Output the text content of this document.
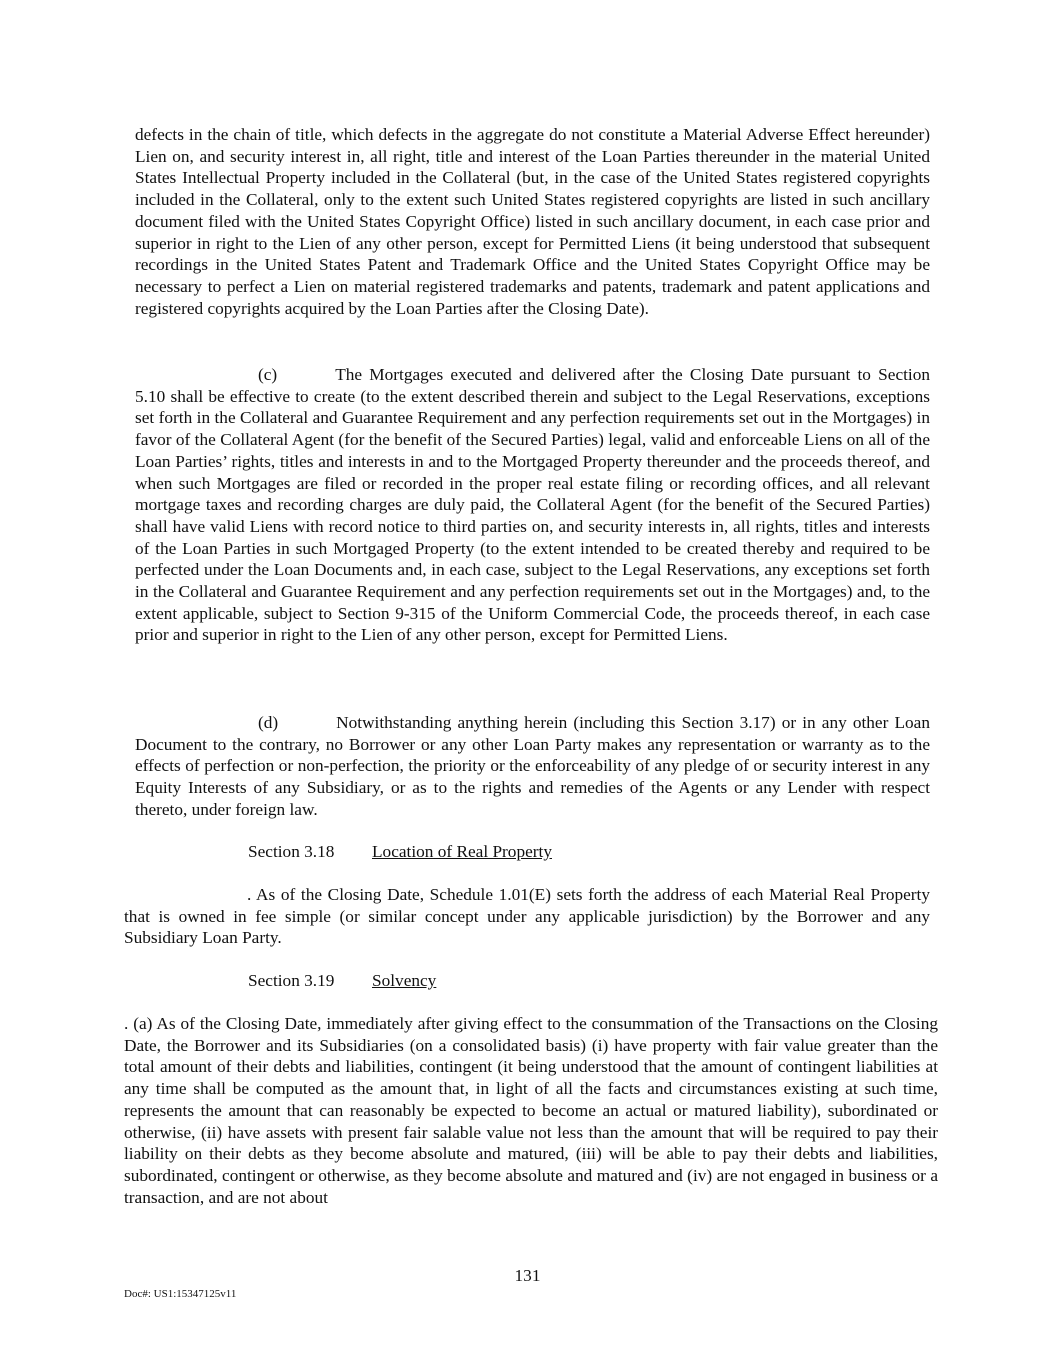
defects in the chain of title, which defects in the aggregate do not constitute a Material Adverse Effect hereunder) Lien on, and security interest in, all right, title and interest of the Loan Parties thereunder in the material United States Intellectual Property included in the Collateral (but, in the case of the United States registered copyrights included in the Collateral, only to the extent such United States registered copyrights are listed in such ancillary document filed with the United States Copyright Office) listed in such ancillary document, in each case prior and superior in right to the Lien of any other person, except for Permitted Liens (it being understood that subsequent recordings in the United States Patent and Trademark Office and the United States Copyright Office may be necessary to perfect a Lien on material registered trademarks and patents, trademark and patent applications and registered copyrights acquired by the Loan Parties after the Closing Date).

(c)	The Mortgages executed and delivered after the Closing Date pursuant to Section 5.10 shall be effective to create (to the extent described therein and subject to the Legal Reservations, exceptions set forth in the Collateral and Guarantee Requirement and any perfection requirements set out in the Mortgages) in favor of the Collateral Agent (for the benefit of the Secured Parties) legal, valid and enforceable Liens on all of the Loan Parties’ rights, titles and interests in and to the Mortgaged Property thereunder and the proceeds thereof, and when such Mortgages are filed or recorded in the proper real estate filing or recording offices, and all relevant mortgage taxes and recording charges are duly paid, the Collateral Agent (for the benefit of the Secured Parties) shall have valid Liens with record notice to third parties on, and security interests in, all rights, titles and interests of the Loan Parties in such Mortgaged Property (to the extent intended to be created thereby and required to be perfected under the Loan Documents and, in each case, subject to the Legal Reservations, any exceptions set forth in the Collateral and Guarantee Requirement and any perfection requirements set out in the Mortgages) and, to the extent applicable, subject to Section 9-315 of the Uniform Commercial Code, the proceeds thereof, in each case prior and superior in right to the Lien of any other person, except for Permitted Liens.

(d)	Notwithstanding anything herein (including this Section 3.17) or in any other Loan Document to the contrary, no Borrower or any other Loan Party makes any representation or warranty as to the effects of perfection or non-perfection, the priority or the enforceability of any pledge of or security interest in any Equity Interests of any Subsidiary, or as to the rights and remedies of the Agents or any Lender with respect thereto, under foreign law.

Section 3.18 Location of Real Property

. As of the Closing Date, Schedule 1.01(E) sets forth the address of each Material Real Property that is owned in fee simple (or similar concept under any applicable jurisdiction) by the Borrower and any Subsidiary Loan Party.

Section 3.19 Solvency

. (a) As of the Closing Date, immediately after giving effect to the consummation of the Transactions on the Closing Date, the Borrower and its Subsidiaries (on a consolidated basis) (i) have property with fair value greater than the total amount of their debts and liabilities, contingent (it being understood that the amount of contingent liabilities at any time shall be computed as the amount that, in light of all the facts and circumstances existing at such time, represents the amount that can reasonably be expected to become an actual or matured liability), subordinated or otherwise, (ii) have assets with present fair salable value not less than the amount that will be required to pay their liability on their debts as they become absolute and matured, (iii) will be able to pay their debts and liabilities, subordinated, contingent or otherwise, as they become absolute and matured and (iv) are not engaged in business or a transaction, and are not about

131

Doc#: US1:15347125v11
